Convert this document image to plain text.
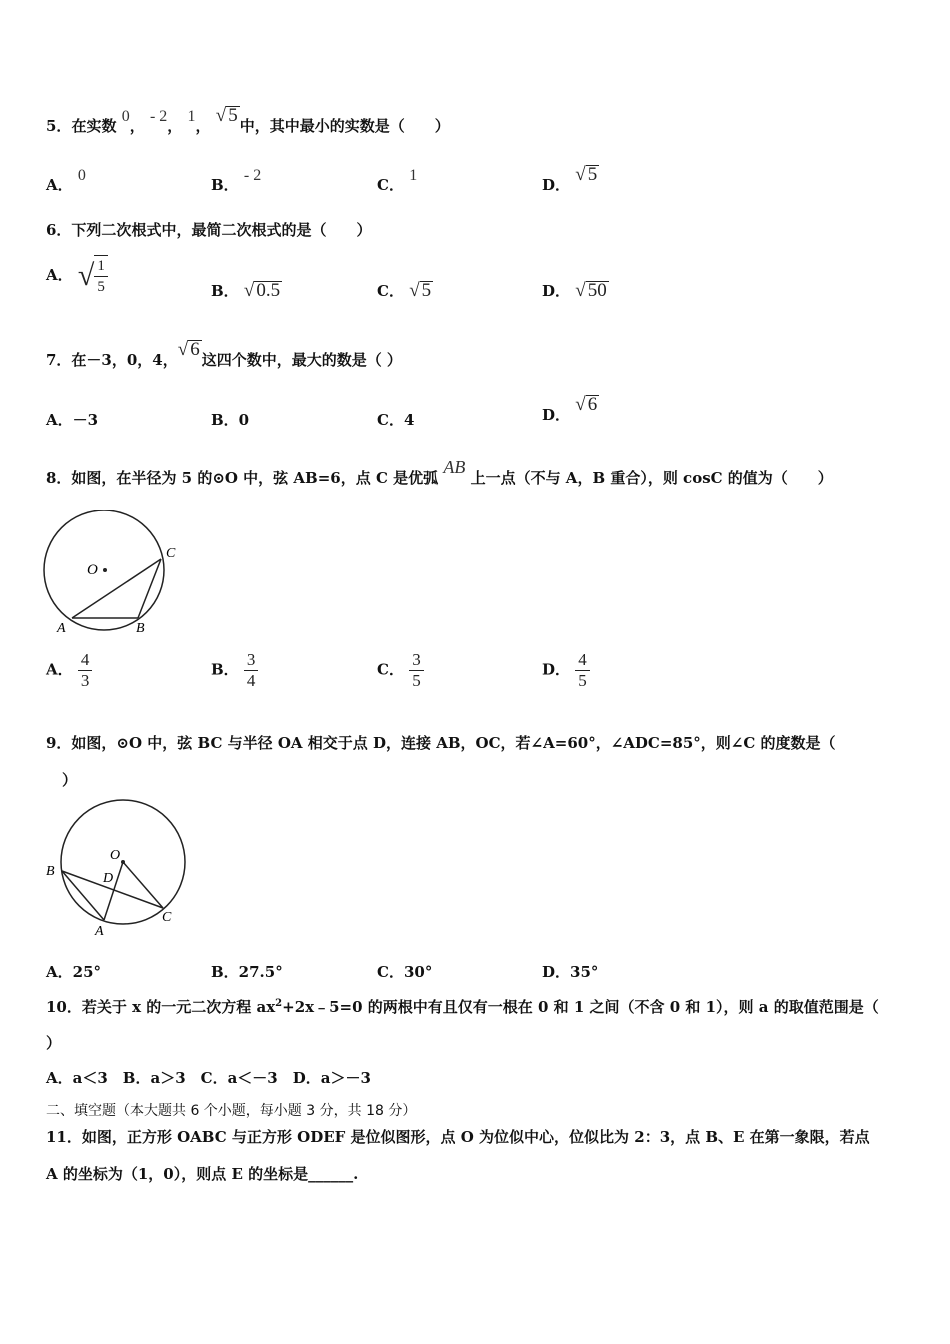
5．在实数 0， - 2， 1， √ 5 中，其中最小的实数是（　　）
A． 0
B． - 2
C． 1
D． √ 5
6．下列二次根式中，最简二次根式的是（　　）
A． √ $\frac{1}{5}$	B． √ 0.5	C． √ 5	D． √ 50
7．在－3，0，4，√ 6 这四个数中，最大的数是（ ）
A．－3	B．0	C．4	D． √ 6
8．如图，在半径为 5 的⊙O 中，弦 AB=6，点 C 是优弧 AB 上一点（不与 A，B 重合），则 cosC 的值为（　　）
O
A	B
C
A． $\frac{4}{3}$	B． $\frac{3}{4}$	C． $\frac{3}{5}$	D． $\frac{4}{5}$
9．如图，⊙O 中，弦 BC 与半径 OA 相交于点 D，连接 AB，OC，若∠A=60°，∠ADC=85°，则∠C 的度数是（
）
O
D
B
A
C
A．25°	B．27.5°	C．30°	D．35°
10．若关于 x 的一元二次方程 $ax^2+2x﹣5=0$ 的两根中有且仅有一根在 0 和 1 之间（不含 0 和 1），则 a 的取值范围是（
）
A．a＜3　B．a＞3　C．a＜－3　D．a＞－3
二、填空题（本大题共 6 个小题，每小题 3 分，共 18 分）
11．如图，正方形 OABC 与正方形 ODEF 是位似图形，点 O 为位似中心，位似比为 2：3，点 B、E 在第一象限，若点
A 的坐标为（1，0），则点 E 的坐标是______.
